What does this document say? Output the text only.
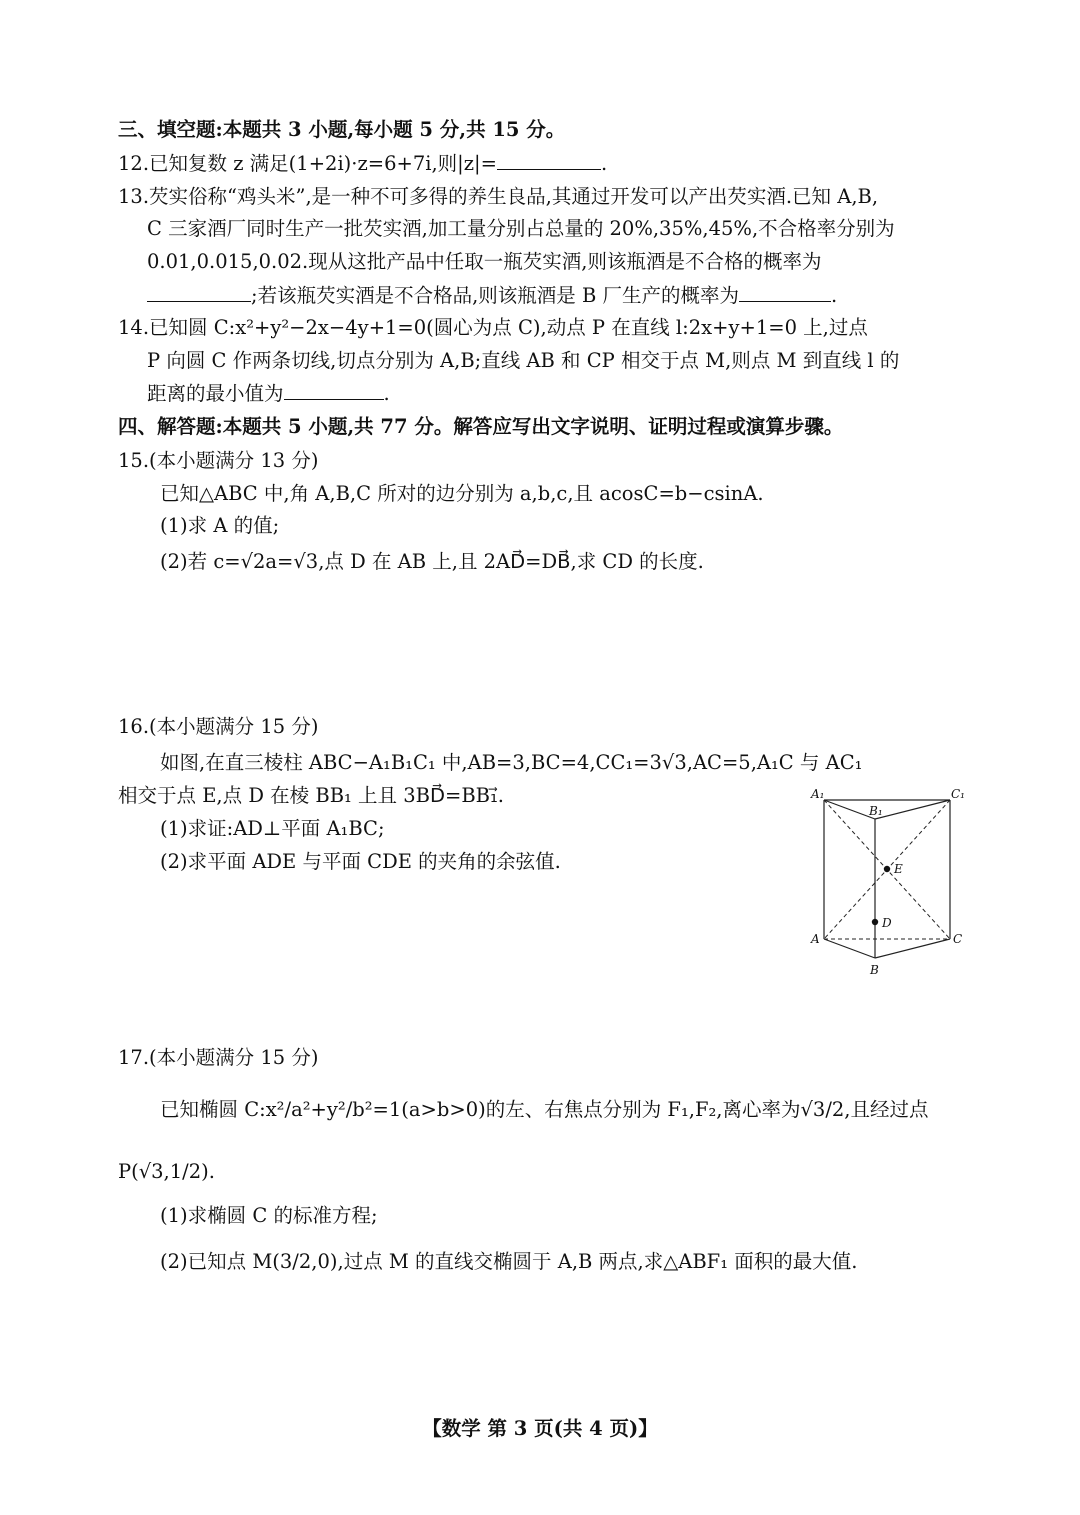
三、填空题:本题共 3 小题,每小题 5 分,共 15 分。
12.已知复数 z 满足(1+2i)·z=6+7i,则|z|=	.
13.芡实俗称“鸡头米”,是一种不可多得的养生良品,其通过开发可以产出芡实酒.已知 A,B,
C 三家酒厂同时生产一批芡实酒,加工量分别占总量的 20%,35%,45%,不合格率分别为
0.01,0.015,0.02.现从这批产品中任取一瓶芡实酒,则该瓶酒是不合格的概率为
;若该瓶芡实酒是不合格品,则该瓶酒是 B 厂生产的概率为	.
14.已知圆 C:x²+y²−2x−4y+1=0(圆心为点 C),动点 P 在直线 l:2x+y+1=0 上,过点
P 向圆 C 作两条切线,切点分别为 A,B;直线 AB 和 CP 相交于点 M,则点 M 到直线 l 的
距离的最小值为	.
四、解答题:本题共 5 小题,共 77 分。解答应写出文字说明、证明过程或演算步骤。
15.(本小题满分 13 分)
已知△ABC 中,角 A,B,C 所对的边分别为 a,b,c,且 acosC=b−csinA.
(1)求 A 的值;
(2)若 c=√2a=√3,点 D 在 AB 上,且 2AD⃗=DB⃗,求 CD 的长度.
16.(本小题满分 15 分)
如图,在直三棱柱 ABC−A₁B₁C₁ 中,AB=3,BC=4,CC₁=3√3,AC=5,A₁C 与 AC₁
相交于点 E,点 D 在棱 BB₁ 上且 3BD⃗=BB₁⃗.
(1)求证:AD⊥平面 A₁BC;
(2)求平面 ADE 与平面 CDE 的夹角的余弦值.
A₁
B₁
C₁
E
D
A	C
B
17.(本小题满分 15 分)
已知椭圆 C:x²/a²+y²/b²=1(a>b>0)的左、右焦点分别为 F₁,F₂,离心率为√3/2,且经过点
P(√3,1/2).
(1)求椭圆 C 的标准方程;
(2)已知点 M(3/2,0),过点 M 的直线交椭圆于 A,B 两点,求△ABF₁ 面积的最大值.
【数学 第 3 页(共 4 页)】
